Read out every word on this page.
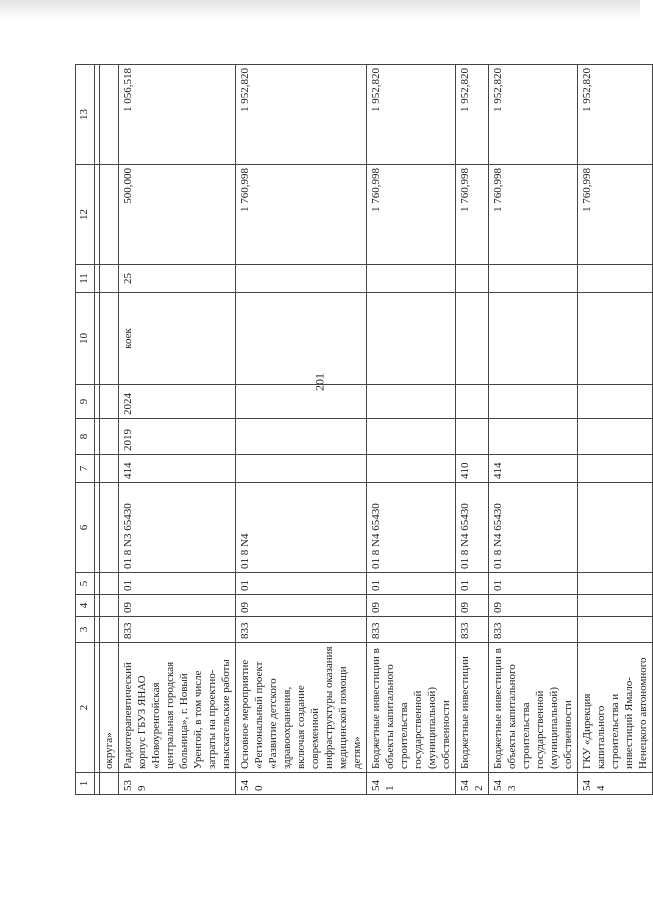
201
1	2	3	4	5	6	7	8	9	10	11	12	13

	округа»											
539	Радиотерапевтический корпус ГБУЗ ЯНАО «Новоуренгойская центральная городская больница», г. Новый Уренгой, в том числе затраты на проектно-изыскательские работы	833	09	01	01 8 N3 65430	414	2019	2024	коек	25	500,000	1 056,518
540	Основное мероприятие «Региональный проект «Развитие детского здравоохранения, включая создание современной инфраструктуры оказания медицинской помощи детям»	833	09	01	01 8 N4						1 760,998	1 952,820
541	Бюджетные инвестиции в объекты капитального строительства государственной (муниципальной) собственности	833	09	01	01 8 N4 65430						1 760,998	1 952,820
542	Бюджетные инвестиции	833	09	01	01 8 N4 65430	410					1 760,998	1 952,820
543	Бюджетные инвестиции в объекты капитального строительства государственной (муниципальной) собственности	833	09	01	01 8 N4 65430	414					1 760,998	1 952,820
544	ГКУ «Дирекция капитального строительства и инвестиций Ямало-Ненецкого автономного										1 760,998	1 952,820
